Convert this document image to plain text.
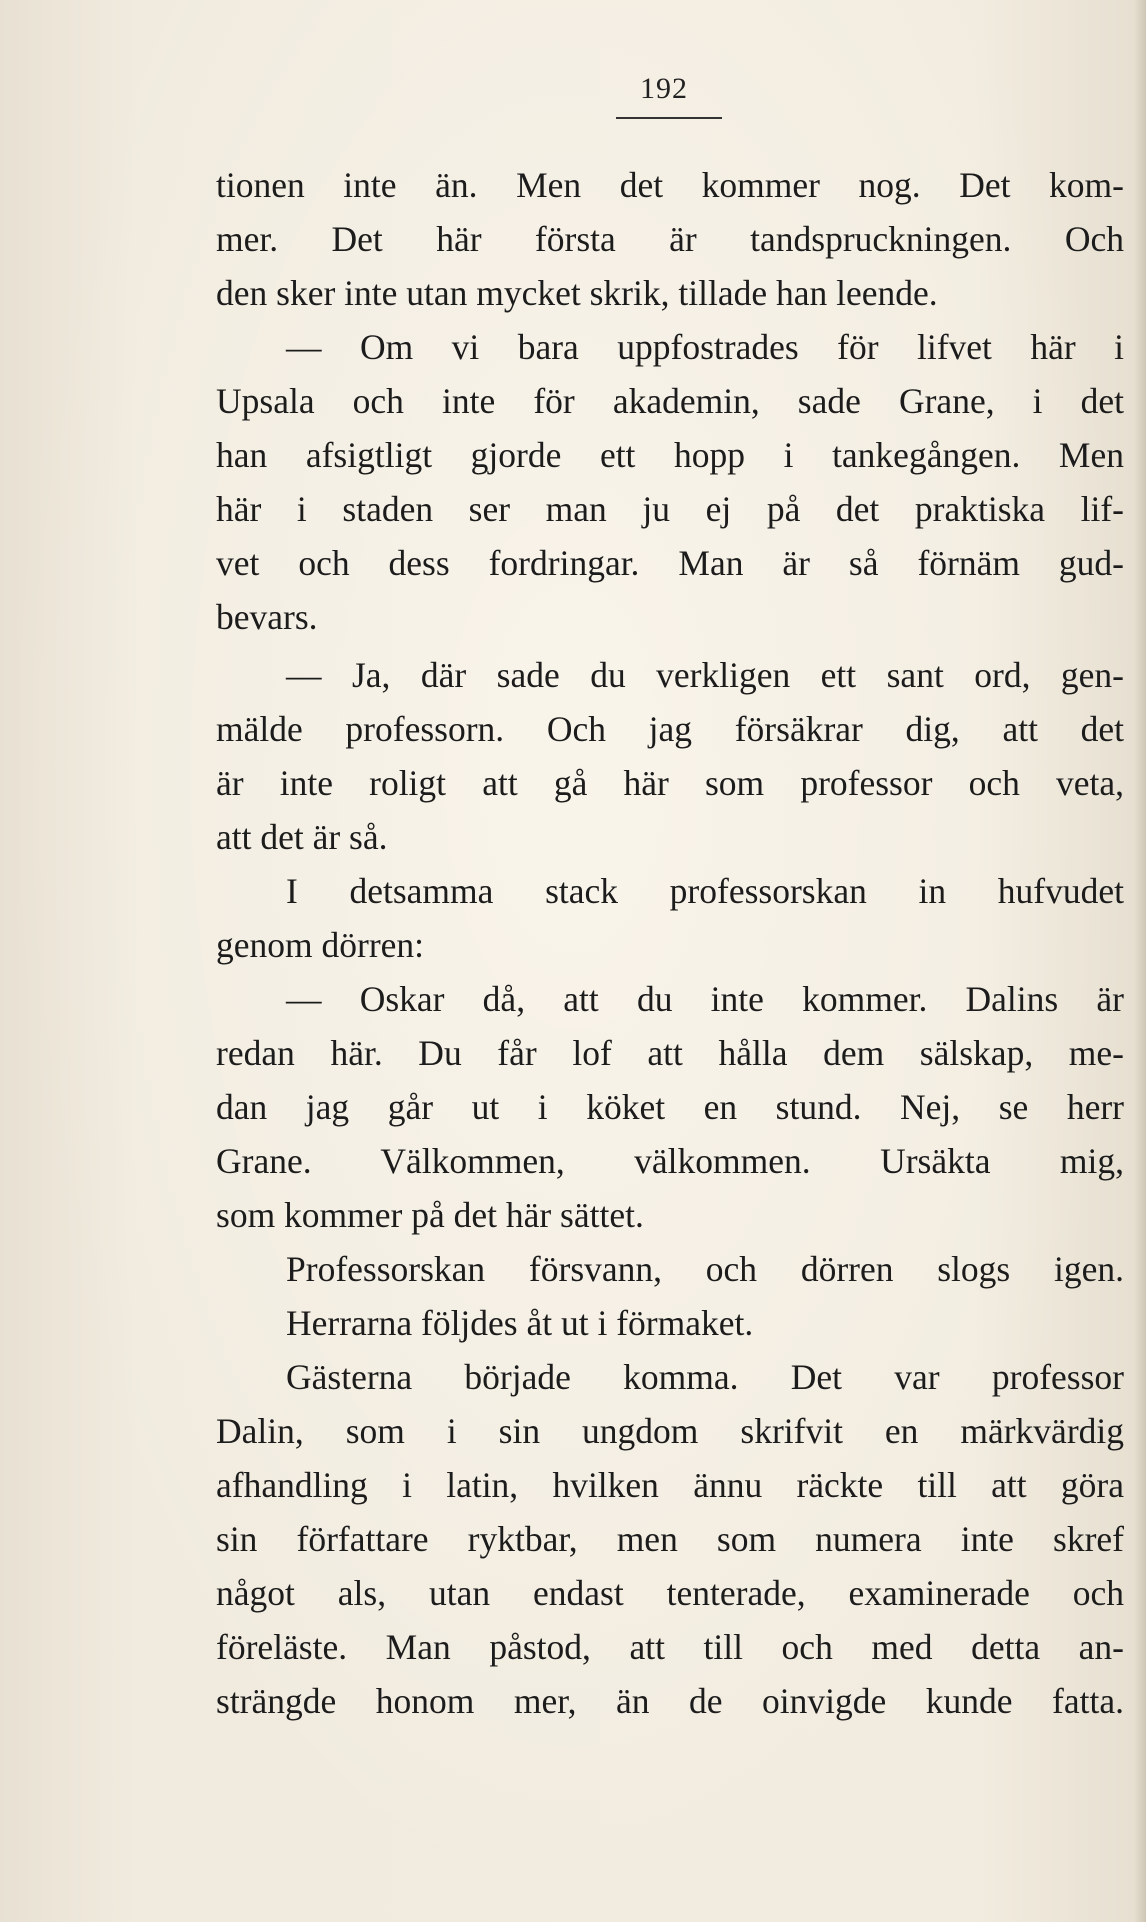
192
tionen inte än. Men det kommer nog. Det kom-
mer. Det här första är tandspruckningen. Och
den sker inte utan mycket skrik, tillade han leende.
— Om vi bara uppfostrades för lifvet här i
Upsala och inte för akademin, sade Grane, i det
han afsigtligt gjorde ett hopp i tankegången. Men
här i staden ser man ju ej på det praktiska lif-
vet och dess fordringar. Man är så förnäm gud-
bevars.
— Ja, där sade du verkligen ett sant ord, gen-
mälde professorn. Och jag försäkrar dig, att det
är inte roligt att gå här som professor och veta,
att det är så.
I detsamma stack professorskan in hufvudet
genom dörren:
— Oskar då, att du inte kommer. Dalins är
redan här. Du får lof att hålla dem sälskap, me-
dan jag går ut i köket en stund. Nej, se herr
Grane. Välkommen, välkommen. Ursäkta mig,
som kommer på det här sättet.
Professorskan försvann, och dörren slogs igen.
Herrarna följdes åt ut i förmaket.
Gästerna började komma. Det var professor
Dalin, som i sin ungdom skrifvit en märkvärdig
afhandling i latin, hvilken ännu räckte till att göra
sin författare ryktbar, men som numera inte skref
något als, utan endast tenterade, examinerade och
föreläste. Man påstod, att till och med detta an-
strängde honom mer, än de oinvigde kunde fatta.
